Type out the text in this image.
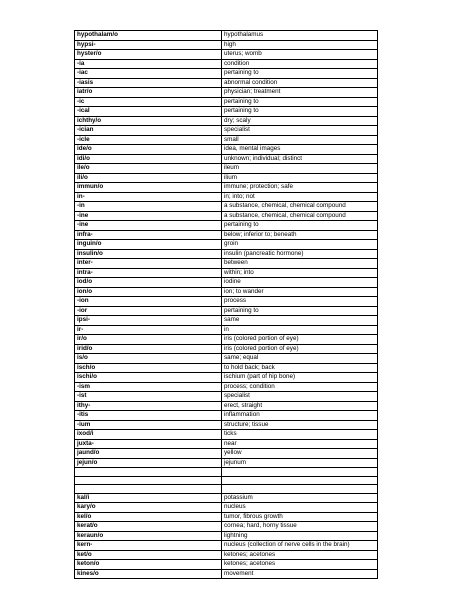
hypothalam/o	hypothalamus
hypsi-	high
hyster/o	uterus; womb
-ia	condition
-iac	pertaining to
-iasis	abnormal condition
iatr/o	physician; treatment
-ic	pertaining to
-ical	pertaining to
ichthy/o	dry; scaly
-ician	specialist
-icle	small
ide/o	idea, mental images
idi/o	unknown; individual; distinct
ile/o	ileum
ili/o	ilium
immun/o	immune; protection; safe
in-	in; into; not
-in	a substance, chemical, chemical compound
-ine	a substance, chemical, chemical compound
-ine	pertaining to
infra-	below; inferior to; beneath
inguin/o	groin
insulin/o	insulin (pancreatic hormone)
inter-	between
intra-	within; into
iod/o	iodine
ion/o	ion; to wander
-ion	process
-ior	pertaining to
ipsi-	same
ir-	in
ir/o	iris (colored portion of eye)
irid/o	iris (colored portion of eye)
is/o	same; equal
isch/o	to hold back; back
ischi/o	ischium (part of hip bone)
-ism	process; condition
-ist	specialist
ithy-	erect, straight
-itis	inflammation
-ium	structure; tissue
ixod/i	ticks
juxta-	near
jaund/o	yellow
jejun/o	jejunum

kal/i	potassium
kary/o	nucleus
kel/o	tumor, fibrous growth
kerat/o	cornea; hard, horny tissue
keraun/o	lightning
kern-	nucleus (collection of nerve cells in the brain)
ket/o	ketones; acetones
keton/o	ketones; acetones
kines/o	movement
